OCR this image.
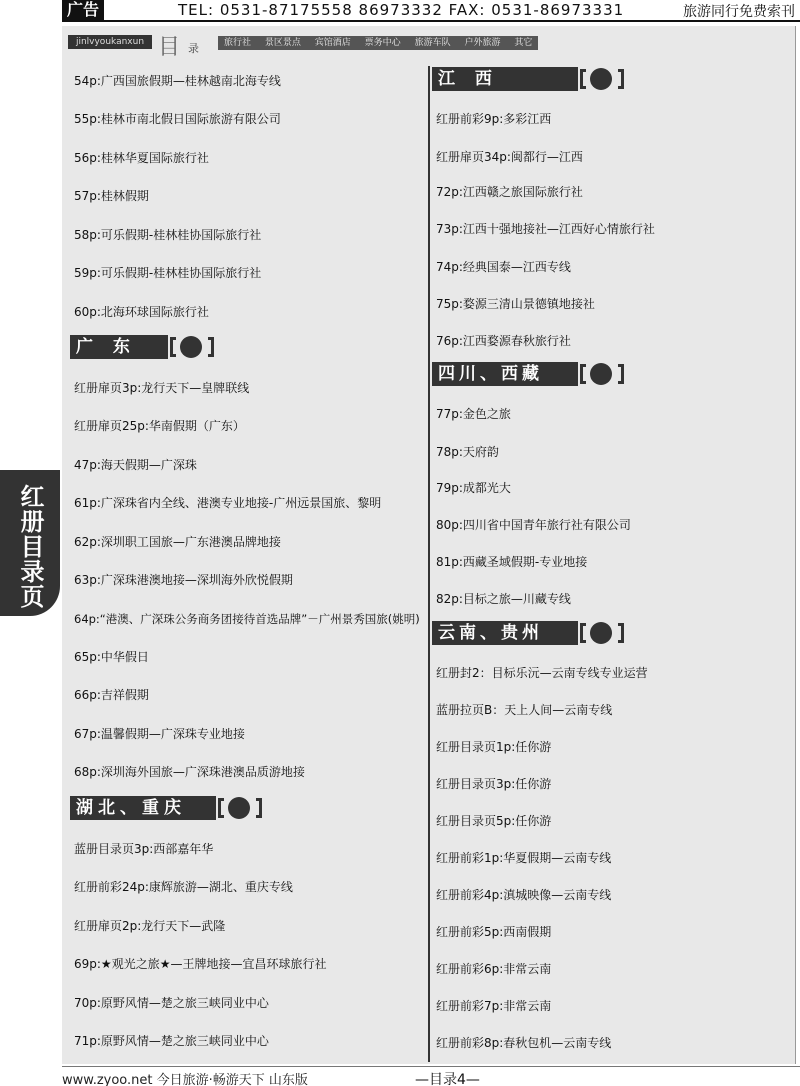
广告	TEL: 0531-87175558 86973332 FAX: 0531-86973331	旅游同行免费索刊
红册目录页
jinlvyoukanxun 目 录	旅行社 景区景点 宾馆酒店 票务中心 旅游车队 户外旅游 其它
54p:广西国旅假期—桂林越南北海专线
55p:桂林市南北假日国际旅游有限公司
56p:桂林华夏国际旅行社
57p:桂林假期
58p:可乐假期-桂林桂协国际旅行社
59p:可乐假期-桂林桂协国际旅行社
60p:北海环球国际旅行社
广 东
红册扉页3p:龙行天下—皇牌联线
红册扉页25p:华南假期（广东）
47p:海天假期—广深珠
61p:广深珠省内全线、港澳专业地接-广州远景国旅、黎明
62p:深圳职工国旅—广东港澳品牌地接
63p:广深珠港澳地接—深圳海外欣悦假期
64p:“港澳、广深珠公务商务团接待首选品牌”－广州景秀国旅(姚明)
65p:中华假日
66p:吉祥假期
67p:温馨假期—广深珠专业地接
68p:深圳海外国旅—广深珠港澳品质游地接
湖北、重庆
蓝册目录页3p:西部嘉年华
红册前彩24p:康辉旅游—湖北、重庆专线
红册扉页2p:龙行天下—武隆
69p:★观光之旅★—王牌地接—宜昌环球旅行社
70p:原野风情—楚之旅三峡同业中心
71p:原野风情—楚之旅三峡同业中心
江 西
红册前彩9p:多彩江西
红册扉页34p:闽都行—江西
72p:江西赣之旅国际旅行社
73p:江西十强地接社—江西好心情旅行社
74p:经典国泰—江西专线
75p:婺源三清山景德镇地接社
76p:江西婺源春秋旅行社
四川、西藏
77p:金色之旅
78p:天府韵
79p:成都光大
80p:四川省中国青年旅行社有限公司
81p:西藏圣域假期-专业地接
82p:目标之旅—川藏专线
云南、贵州
红册封2：目标乐沅—云南专线专业运营
蓝册拉页B：天上人间—云南专线
红册目录页1p:任你游
红册目录页3p:任你游
红册目录页5p:任你游
红册前彩1p:华夏假期—云南专线
红册前彩4p:滇城映像—云南专线
红册前彩5p:西南假期
红册前彩6p:非常云南
红册前彩7p:非常云南
红册前彩8p:春秋包机—云南专线
www.zyoo.net 今日旅游·畅游天下 山东版	—目录4—
